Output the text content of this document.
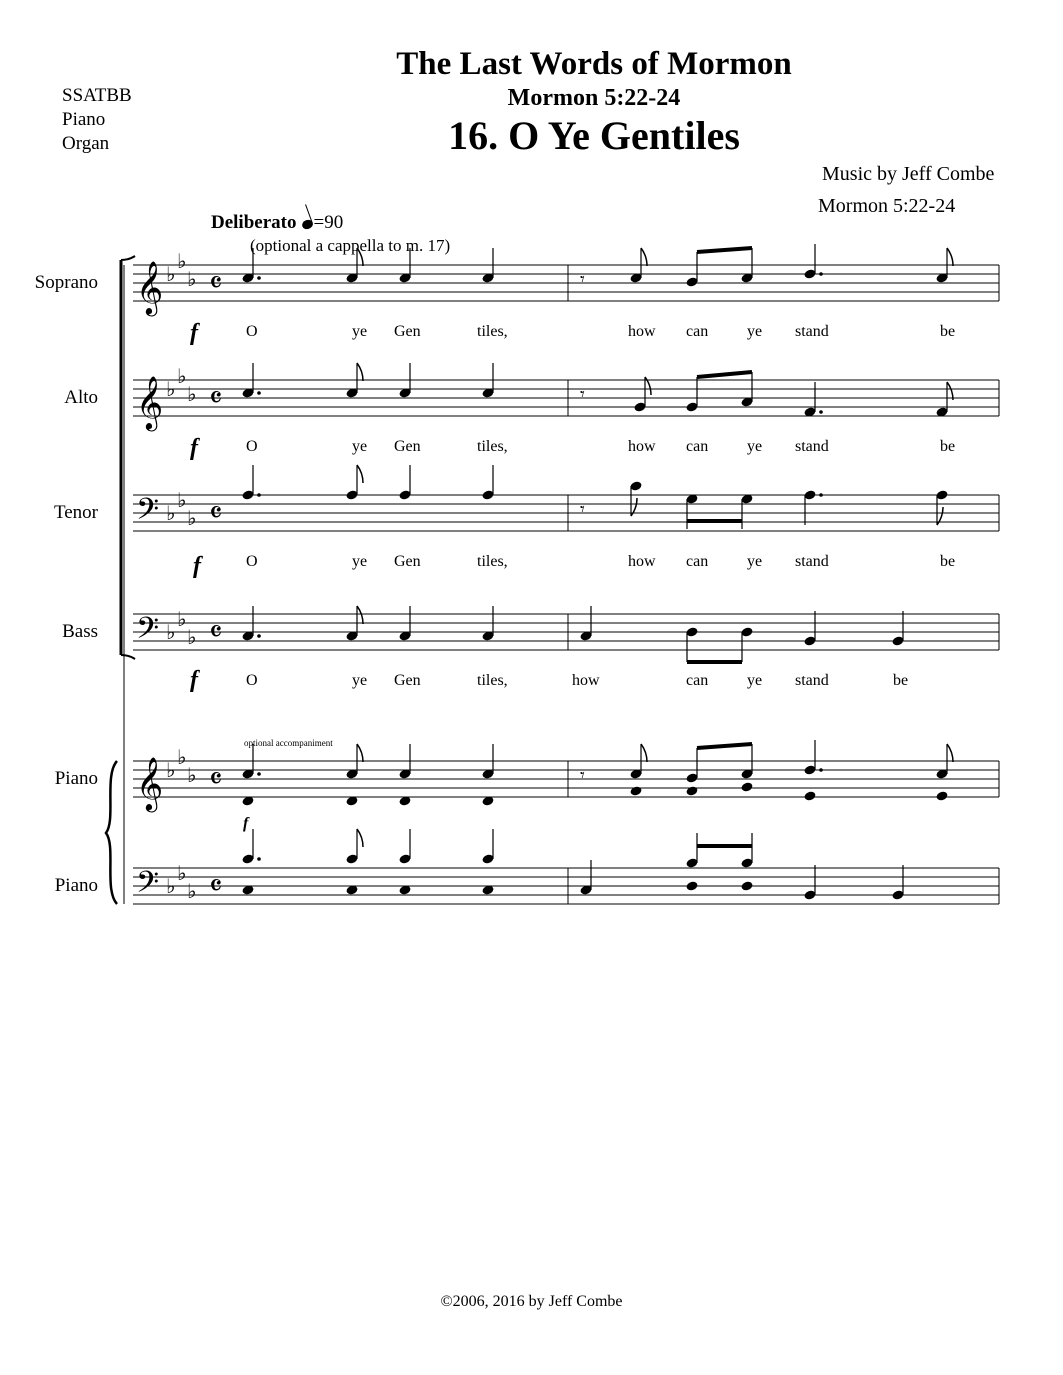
The Last Words of Mormon
Mormon 5:22-24
16. O Ye Gentiles
SSATBB
Piano
Organ
Music by Jeff Combe
Mormon 5:22-24
Deliberato =90
(optional a cappella to m. 17)
Soprano
Alto
Tenor
Bass
Piano
Piano
f
f
f
f
f
optional accompaniment
O	ye Gen	tiles,	how can ye stand	be
O	ye Gen	tiles,	how can ye stand	be
O	ye Gen	tiles,	how can ye stand	be
O	ye Gen	tiles,	how	can ye stand	be
𝄞 ♭
♭
♭ 𝄴
𝄞 ♭
♭
♭ 𝄴
𝄢 ♭
♭
♭ 𝄴
𝄢 ♭
♭
♭ 𝄴
𝄞 ♭
♭
♭ 𝄴
𝄢 ♭
♭
♭ 𝄴
𝄾
𝄾
𝄾
𝄾
©2006, 2016 by Jeff Combe
